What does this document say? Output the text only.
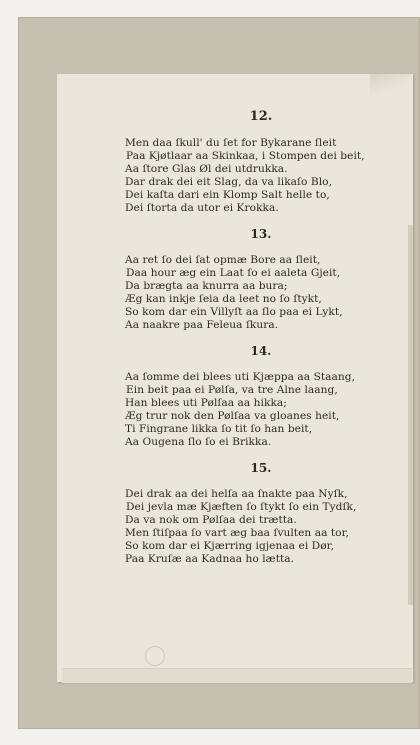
12.
Men daa ſkull' du ſet for Bykarane ſleit
Paa Kjøtlaar aa Skinkaa, i Stompen dei beit,
Aa ſtore Glas Øl dei utdrukka.
Dar drak dei eit Slag, da va likaſo Blo,
Dei kaſta dari ein Klomp Salt helle to,
Dei ſtorta da utor ei Krokka.
13.
Aa ret ſo dei ſat opmæ Bore aa ſleit,
Daa hour æg ein Laat ſo ei aaleta Gjeit,
Da brægta aa knurra aa bura;
Æg kan inkje ſeia da leet no ſo ſtykt,
So kom dar ein Villyſt aa ſlo paa ei Lykt,
Aa naakre paa Feleua ſkura.
14.
Aa ſomme dei blees uti Kjæppa aa Staang,
Ein beit paa ei Pølſa, va tre Alne laang,
Han blees uti Pølſaa aa hikka;
Æg trur nok den Pølſaa va gloanes heit,
Ti Fingrane likka ſo tit ſo han beit,
Aa Ougena ſlo ſo ei Brikka.
15.
Dei drak aa dei helſa aa ſnakte paa Nyſk,
Dei jevla mæ Kjæften ſo ſtykt ſo ein Tydſk,
Da va nok om Pølſaa dei trætta.
Men ſtiſpaa ſo vart æg baa ſvulten aa tor,
So kom dar ei Kjærring igjenaa ei Dør,
Paa Kruſæ aa Kadnaa ho lætta.
